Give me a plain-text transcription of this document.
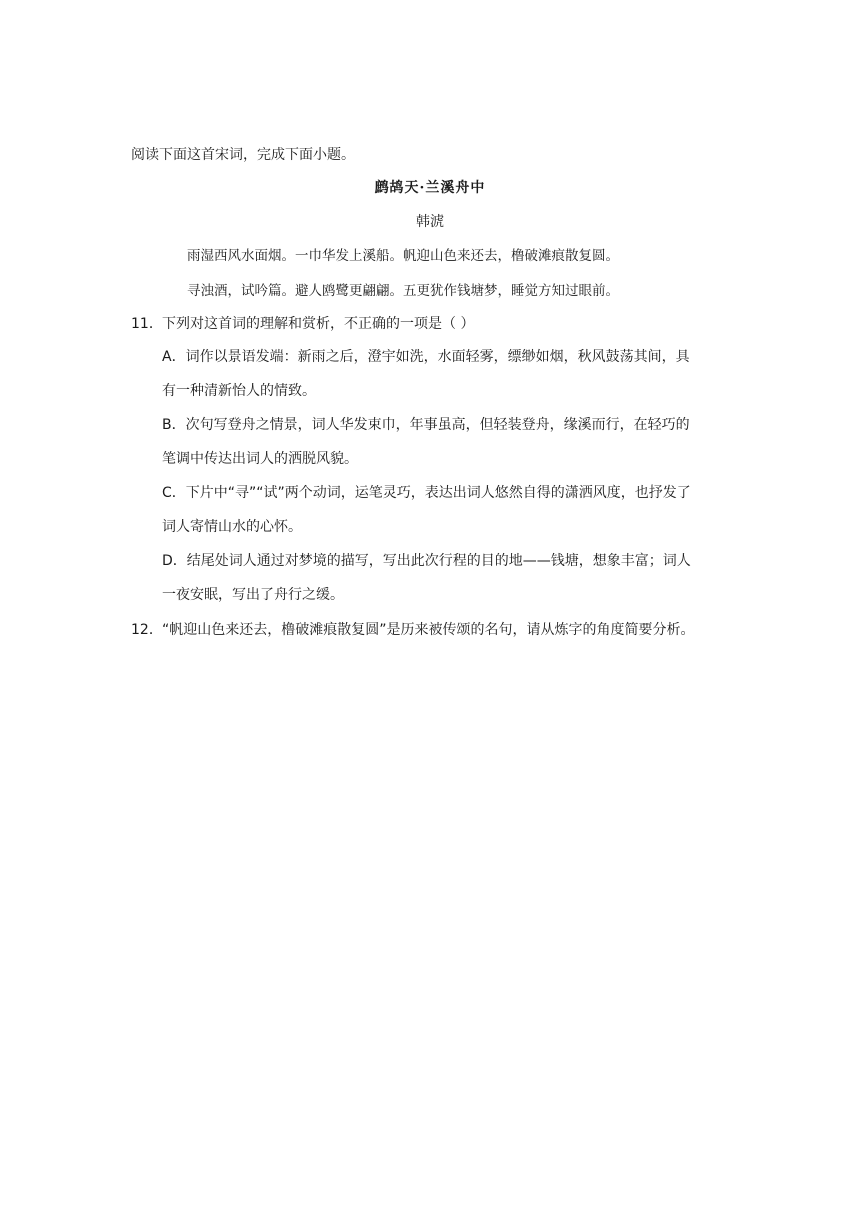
阅读下面这首宋词，完成下面小题。
鹧鸪天·兰溪舟中
韩淲
雨湿西风水面烟。一巾华发上溪船。帆迎山色来还去，橹破滩痕散复圆。
寻浊酒，试吟篇。避人鸥鹭更翩翩。五更犹作钱塘梦，睡觉方知过眼前。
11． 下列对这首词的理解和赏析，不正确的一项是（ ）
A．词作以景语发端：新雨之后，澄宇如洗，水面轻雾，缥缈如烟，秋风鼓荡其间，具
有一种清新怡人的情致。
B．次句写登舟之情景，词人华发束巾，年事虽高，但轻装登舟，缘溪而行，在轻巧的
笔调中传达出词人的洒脱风貌。
C．下片中“寻”“试”两个动词，运笔灵巧，表达出词人悠然自得的潇洒风度，也抒发了
词人寄情山水的心怀。
D．结尾处词人通过对梦境的描写，写出此次行程的目的地——钱塘，想象丰富；词人
一夜安眠，写出了舟行之缓。
12． “帆迎山色来还去，橹破滩痕散复圆”是历来被传颂的名句，请从炼字的角度简要分析。
